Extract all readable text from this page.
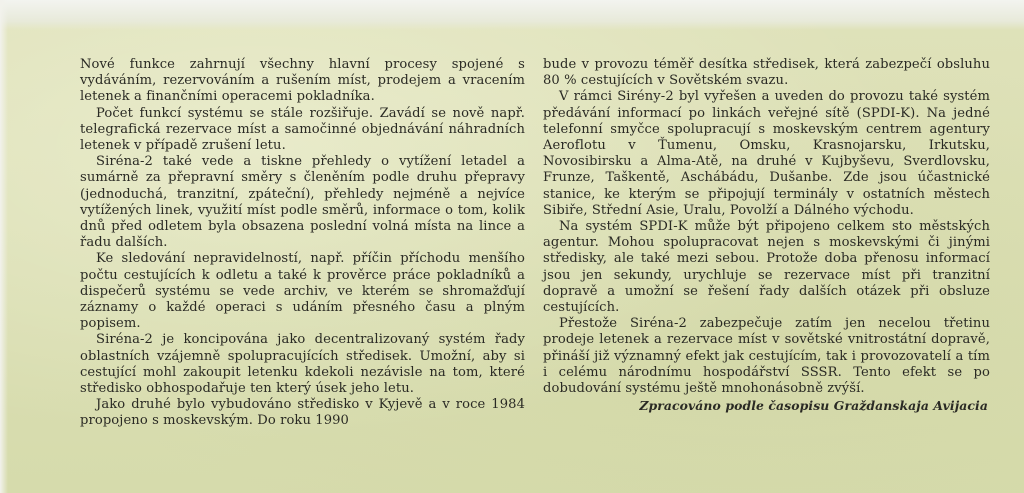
Nové funkce zahrnují všechny hlavní procesy spojené s vydáváním, rezervováním a rušením míst, prodejem a vracením letenek a finančními operacemi pokladníka.

Počet funkcí systému se stále rozšiřuje. Zavádí se nově např. telegrafická rezervace míst a samočinné objednávání náhradních letenek v případě zrušení letu.

Siréna-2 také vede a tiskne přehledy o vytížení letadel a sumárně za přepravní směry s členěním podle druhu přepravy (jednoduchá, tranzitní, zpáteční), přehledy nejméně a nejvíce vytížených linek, využití míst podle směrů, informace o tom, kolik dnů před odletem byla obsazena poslední volná místa na lince a řadu dalších.

Ke sledování nepravidelností, např. příčin příchodu menšího počtu cestujících k odletu a také k prověrce práce pokladníků a dispečerů systému se vede archiv, ve kterém se shromažďují záznamy o každé operaci s udáním přesného času a plným popisem.

Siréna-2 je koncipována jako decentralizovaný systém řady oblastních vzájemně spolupracujících středisek. Umožní, aby si cestující mohl zakoupit letenku kdekoli nezávisle na tom, které středisko obhospodařuje ten který úsek jeho letu.

Jako druhé bylo vybudováno středisko v Kyjevě a v roce 1984 propojeno s moskevským. Do roku 1990

bude v provozu téměř desítka středisek, která zabezpečí obsluhu 80 % cestujících v Sovětském svazu.

V rámci Sirény-2 byl vyřešen a uveden do provozu také systém předávání informací po linkách veřejné sítě (SPDI-K). Na jedné telefonní smyčce spolupracují s moskevským centrem agentury Aeroflotu v Ťumenu, Omsku, Krasnojarsku, Irkutsku, Novosibirsku a Alma-Atě, na druhé v Kujbyševu, Sverdlovsku, Frunze, Taškentě, Aschábádu, Dušanbe. Zde jsou účastnické stanice, ke kterým se připojují terminály v ostatních městech Sibiře, Střední Asie, Uralu, Povolží a Dálného východu.

Na systém SPDI-K může být připojeno celkem sto městských agentur. Mohou spolupracovat nejen s moskevskými či jinými středisky, ale také mezi sebou. Protože doba přenosu informací jsou jen sekundy, urychluje se rezervace míst při tranzitní dopravě a umožní se řešení řady dalších otázek při obsluze cestujících.

Přestože Siréna-2 zabezpečuje zatím jen necelou třetinu prodeje letenek a rezervace míst v sovětské vnitrostátní dopravě, přináší již významný efekt jak cestujícím, tak i provozovatelí a tím i celému národnímu hospodářství SSSR. Tento efekt se po dobudování systému ještě mnohonásobně zvýší.

Zpracováno podle časopisu Graždanskaja Avijacia
